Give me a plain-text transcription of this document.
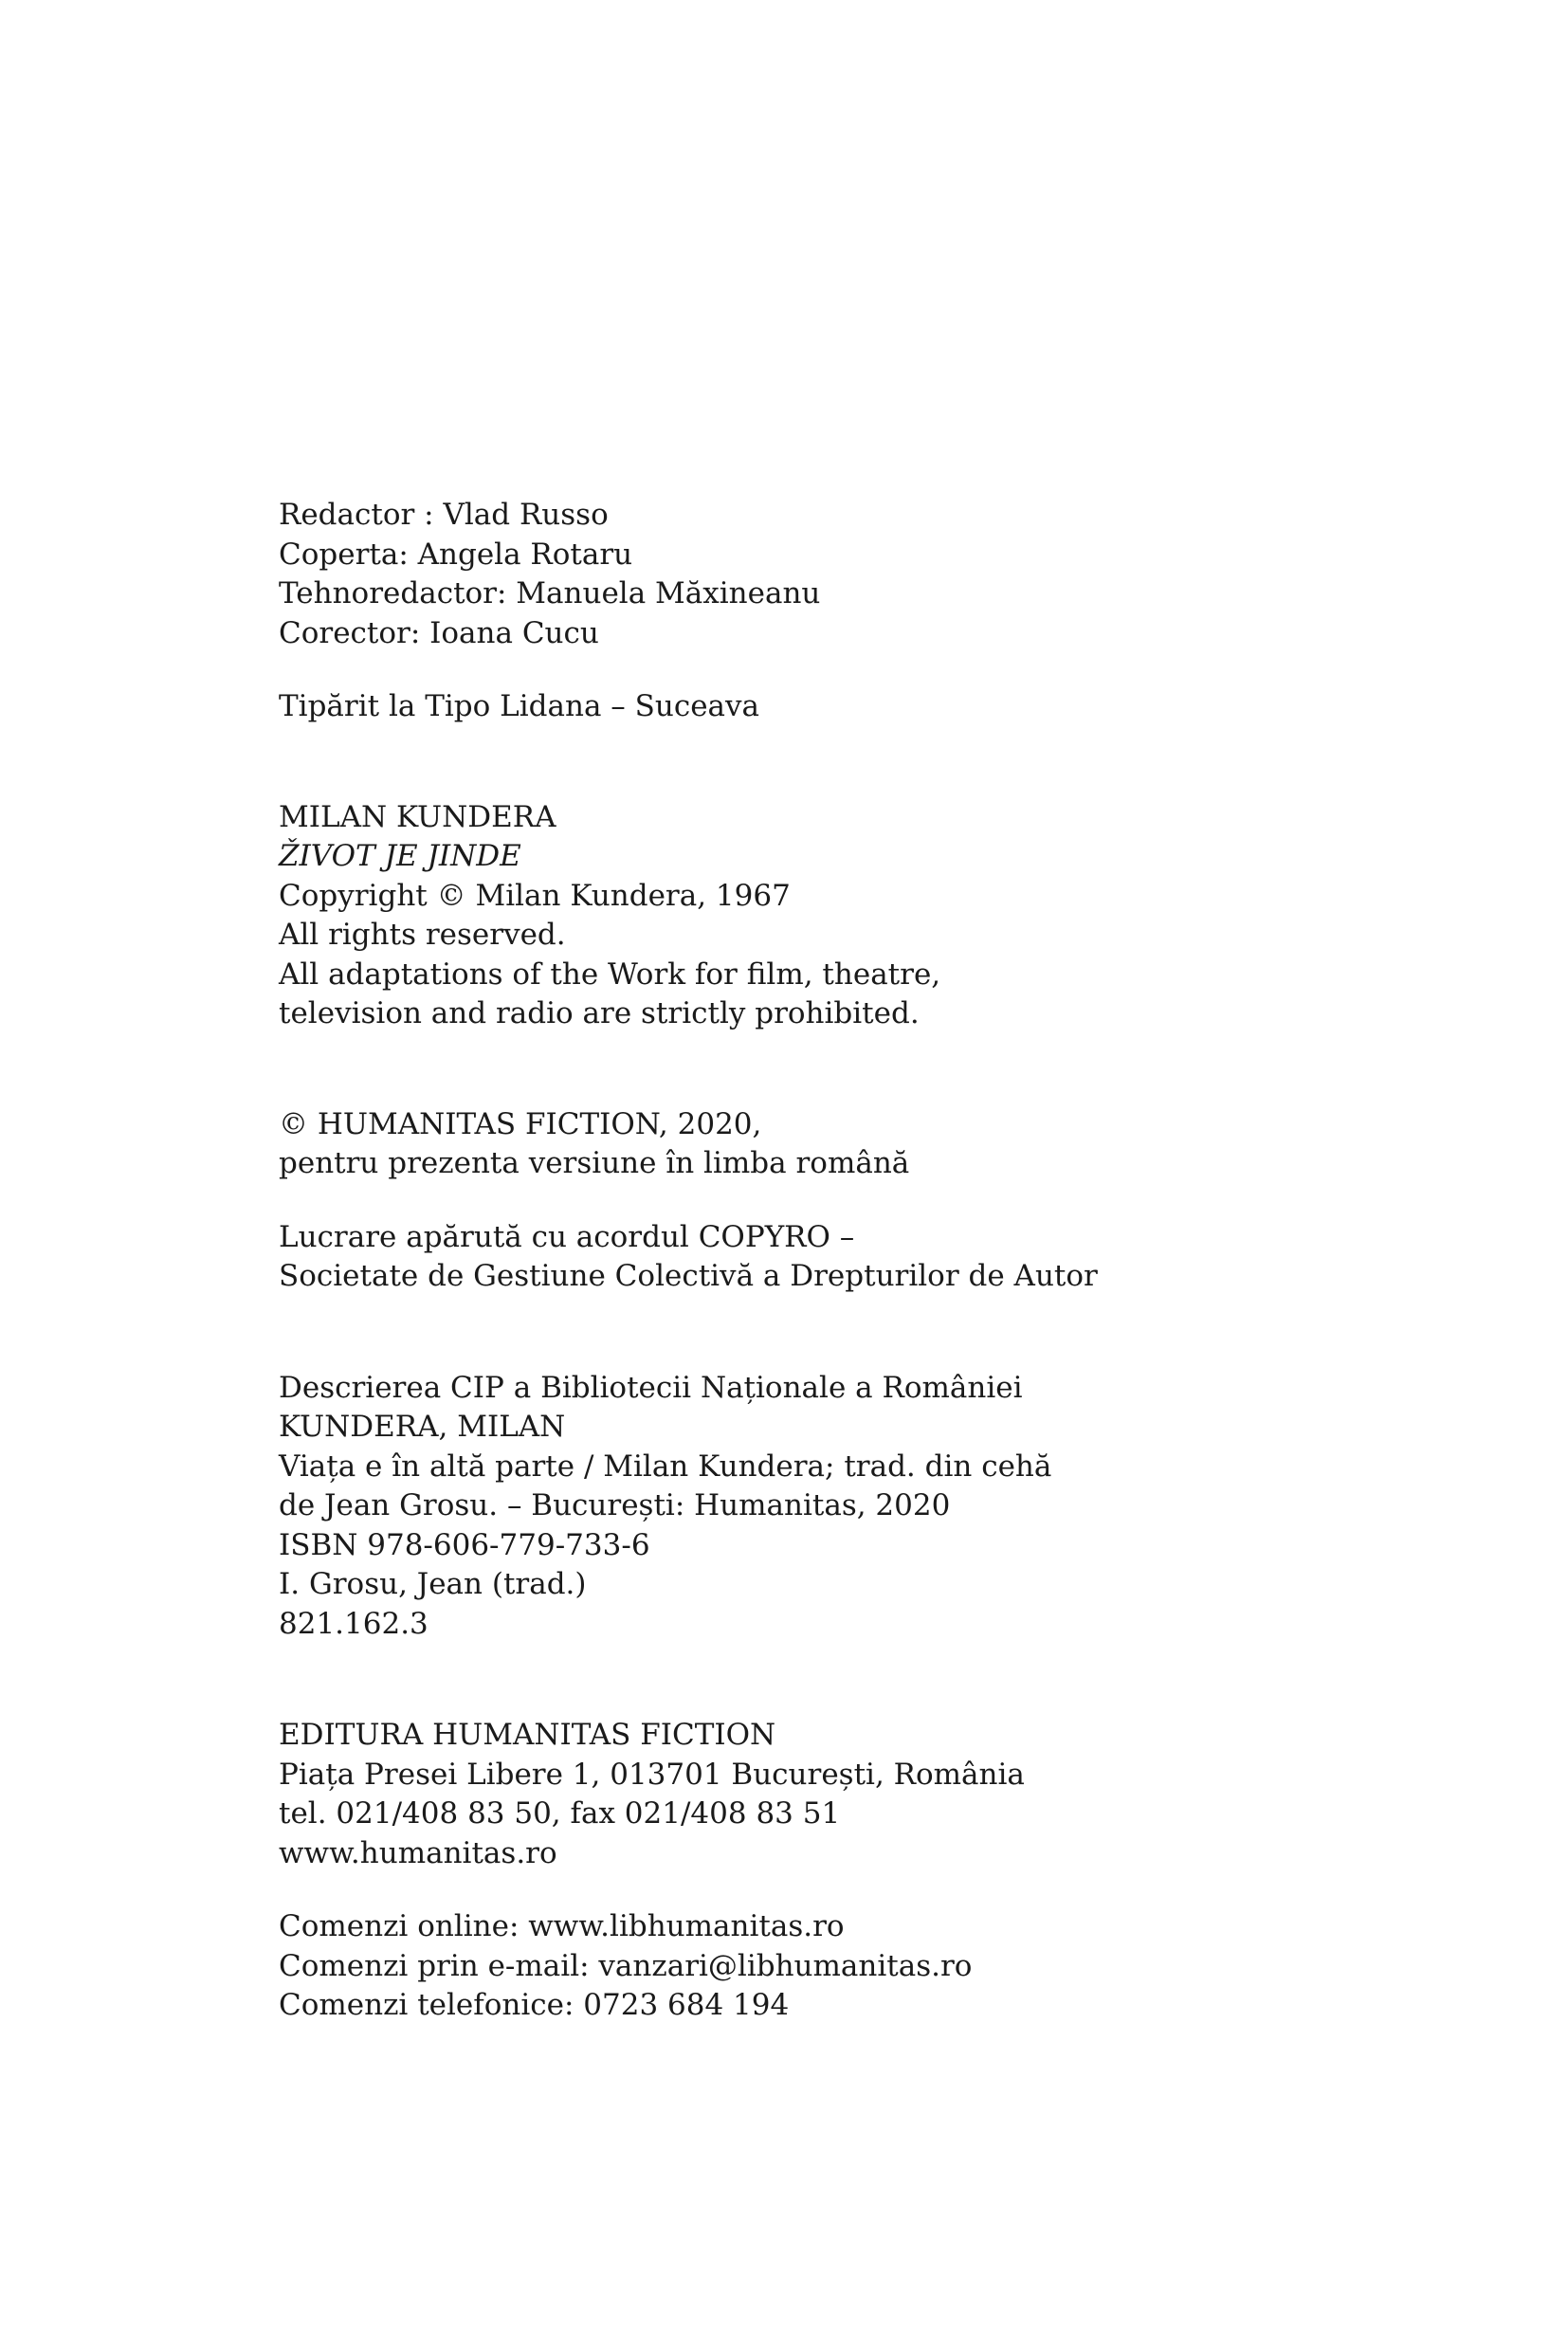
Redactor : Vlad Russo
Coperta: Angela Rotaru
Tehnoredactor: Manuela Măxineanu
Corector: Ioana Cucu
Tipărit la Tipo Lidana – Suceava
MILAN KUNDERA
ŽIVOT JE JINDE
Copyright © Milan Kundera, 1967
All rights reserved.
All adaptations of the Work for film, theatre,
television and radio are strictly prohibited.
© HUMANITAS FICTION, 2020,
pentru prezenta versiune în limba română
Lucrare apărută cu acordul COPYRO –
Societate de Gestiune Colectivă a Drepturilor de Autor
Descrierea CIP a Bibliotecii Naționale a României
KUNDERA, MILAN
Viața e în altă parte / Milan Kundera; trad. din cehă
de Jean Grosu. – București: Humanitas, 2020
ISBN 978-606-779-733-6
I. Grosu, Jean (trad.)
821.162.3
EDITURA HUMANITAS FICTION
Piața Presei Libere 1, 013701 București, România
tel. 021/408 83 50, fax 021/408 83 51
www.humanitas.ro
Comenzi online: www.libhumanitas.ro
Comenzi prin e-mail: vanzari@libhumanitas.ro
Comenzi telefonice: 0723 684 194
